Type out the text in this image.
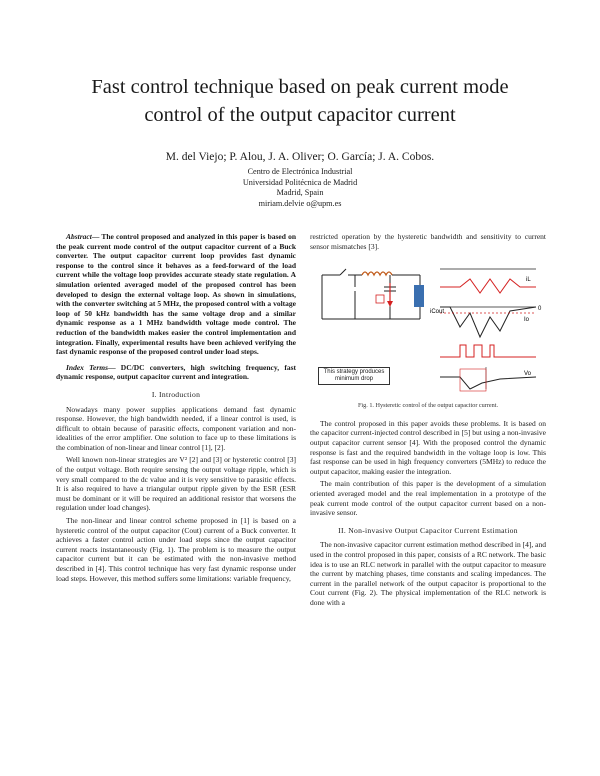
Fast control technique based on peak current mode
control of the output capacitor current

M. del Viejo; P. Alou, J. A. Oliver; O. García; J. A. Cobos.

Centro de Electrónica Industrial
Universidad Politécnica de Madrid
Madrid, Spain
miriam.delvie o@upm.es

Abstract— The control proposed and analyzed in this paper is based on the peak current mode control of the output capacitor current of a Buck converter. The output capacitor current loop provides fast dynamic response to the control since it behaves as a feed-forward of the load current while the voltage loop provides accurate steady state regulation. A simulation oriented averaged model of the proposed control has been developed to design the external voltage loop. As shown in simulations, with the converter switching at 5 MHz, the proposed control with a voltage loop of 50 kHz bandwidth has the same voltage drop and a similar dynamic response as a 1 MHz bandwidth voltage mode control. The reduction of the bandwidth makes easier the control implementation and integration. Finally, experimental results have been achieved verifying the fast dynamic response of the proposed control under load steps.

Index Terms— DC/DC converters, high switching frequency, fast dynamic response, output capacitor current and integration.

I. Introduction

Nowadays many power supplies applications demand fast dynamic response. However, the high bandwidth needed, if a linear control is used, is difficult to obtain because of parasitic effects, component variation and non-idealities of the error amplifier. One solution to face up to these limitations is the combination of non-linear and linear control [1], [2].

Well known non-linear strategies are V² [2] and [3] or hysteretic control [3] of the output voltage. Both require sensing the output voltage ripple, which is very small compared to the dc value and it is very sensitive to parasitic effects. It is also required to have a triangular output ripple given by the ESR (ESR must be dominant or it will be required an additional resistor that worsens the regulation under load changes).

The non-linear and linear control scheme proposed in [1] is based on a hysteretic control of the output capacitor (Cout) current of a Buck converter. It achieves a faster control action under load steps since the output capacitor current reacts instantaneously (Fig. 1). The problem is to measure the output capacitor current but it can be estimated with the non-invasive method described in [4]. This control technique has very fast dynamic response under load steps. However, this method suffers some limitations: variable frequency,

restricted operation by the hysteretic bandwidth and sensitivity to current sensor mismatches [3].

iL
Io
0
iCout
Vo
This strategy produces minimum drop

Fig. 1. Hysteretic control of the output capacitor current.

The control proposed in this paper avoids these problems. It is based on the capacitor current-injected control described in [5] but using a non-invasive output capacitor current sensor [4]. With the proposed control the dynamic response is fast and the required bandwidth in the voltage loop is low. This fast response can be used in high frequency converters (5MHz) to reduce the output capacitor, making easier the integration.

The main contribution of this paper is the development of a simulation oriented averaged model and the real implementation in a prototype of the peak current mode control of the output capacitor current based on a non-invasive sensor.

II. Non-invasive Output Capacitor Current Estimation

The non-invasive capacitor current estimation method described in [4], and used in the control proposed in this paper, consists of a RC network. The basic idea is to use an RLC network in parallel with the output capacitor to measure the current by matching phases, time constants and scaling impedances. The current in the parallel network of the output capacitor is proportional to the Cout current (Fig. 2). The physical implementation of the RLC network is done with a
